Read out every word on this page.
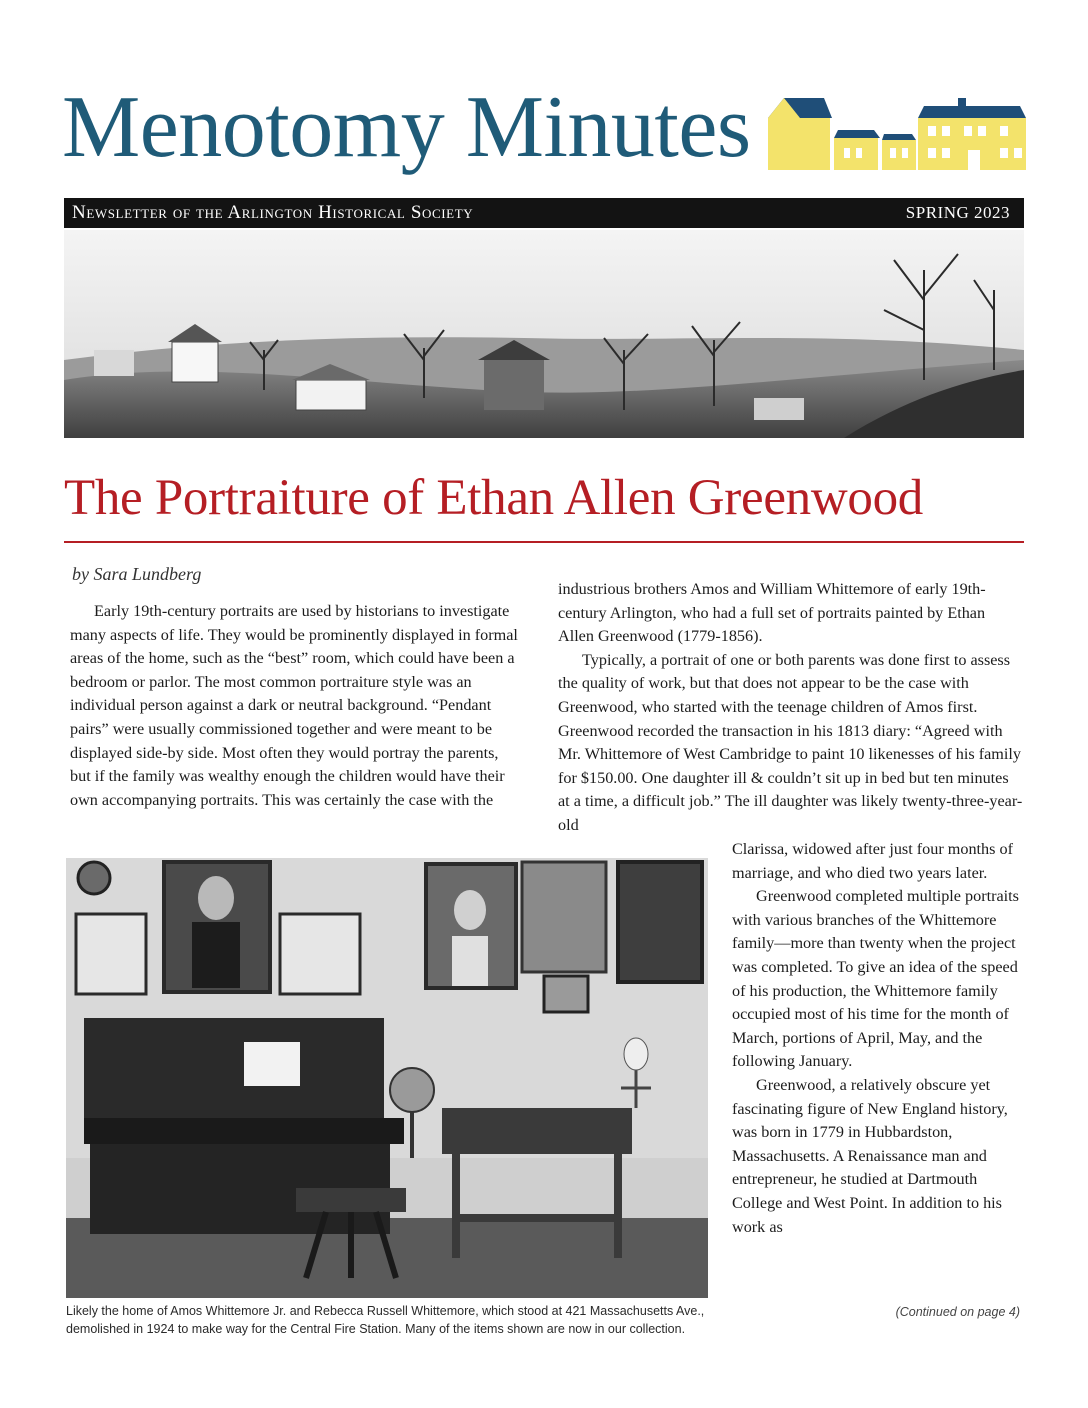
Menotomy Minutes
Newsletter of the Arlington Historical Society	SPRING 2023
The Portraiture of Ethan Allen Greenwood
by Sara Lundberg

Early 19th-century portraits are used by historians to investigate many aspects of life. They would be prominently displayed in formal areas of the home, such as the “best” room, which could have been a bedroom or parlor. The most common portraiture style was an individual person against a dark or neutral background. “Pendant pairs” were usually commissioned together and were meant to be displayed side-by side. Most often they would portray the parents, but if the family was wealthy enough the children would have their own accompanying portraits. This was certainly the case with the

industrious brothers Amos and William Whittemore of early 19th-century Arlington, who had a full set of portraits painted by Ethan Allen Greenwood (1779-1856).

Typically, a portrait of one or both parents was done first to assess the quality of work, but that does not appear to be the case with Greenwood, who started with the teenage children of Amos first. Greenwood recorded the transaction in his 1813 diary: “Agreed with Mr. Whittemore of West Cambridge to paint 10 likenesses of his family for $150.00. One daughter ill & couldn’t sit up in bed but ten minutes at a time, a difficult job.” The ill daughter was likely twenty-three-year-old

Clarissa, widowed after just four months of marriage, and who died two years later.

Greenwood completed multiple portraits with various branches of the Whittemore family—more than twenty when the project was completed. To give an idea of the speed of his production, the Whittemore family occupied most of his time for the month of March, portions of April, May, and the following January.

Greenwood, a relatively obscure yet fascinating figure of New England history, was born in 1779 in Hubbardston, Massachusetts. A Renaissance man and entrepreneur, he studied at Dartmouth College and West Point. In addition to his work as

Likely the home of Amos Whittemore Jr. and Rebecca Russell Whittemore, which stood at 421 Massachusetts Ave., demolished in 1924 to make way for the Central Fire Station. Many of the items shown are now in our collection.
(Continued on page 4)
